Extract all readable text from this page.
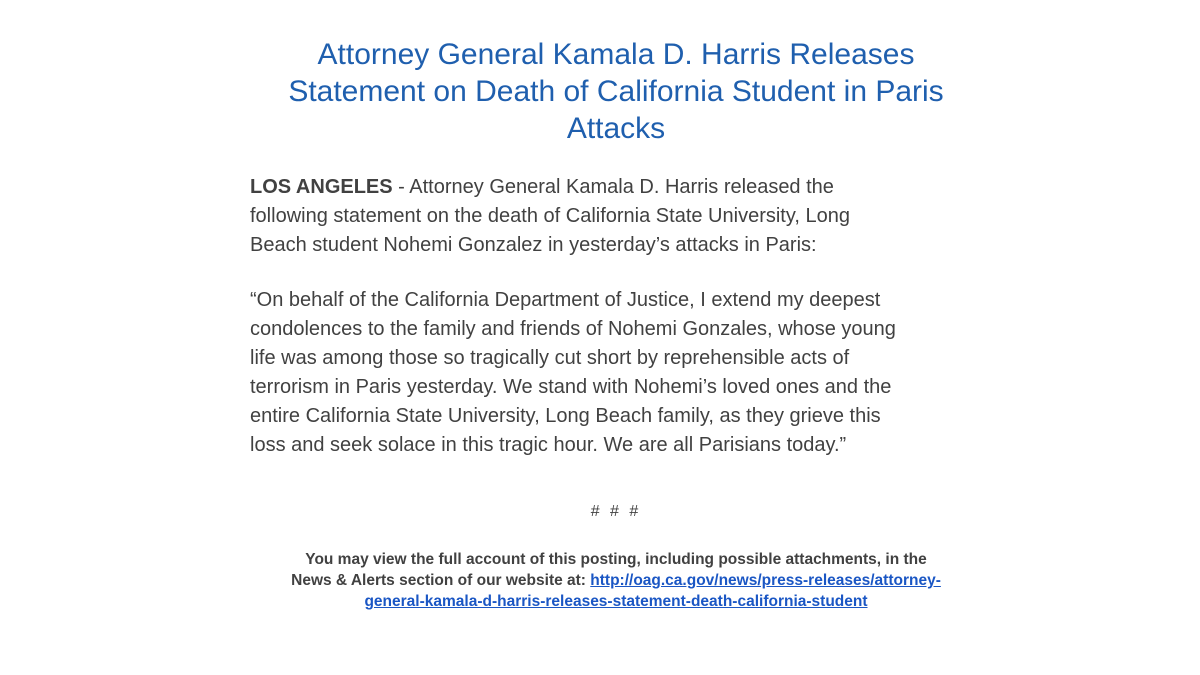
Attorney General Kamala D. Harris Releases
Statement on Death of California Student in Paris
Attacks

LOS ANGELES - Attorney General Kamala D. Harris released the
following statement on the death of California State University, Long
Beach student Nohemi Gonzalez in yesterday’s attacks in Paris:

“On behalf of the California Department of Justice, I extend my deepest
condolences to the family and friends of Nohemi Gonzales, whose young
life was among those so tragically cut short by reprehensible acts of
terrorism in Paris yesterday. We stand with Nohemi’s loved ones and the
entire California State University, Long Beach family, as they grieve this
loss and seek solace in this tragic hour. We are all Parisians today.”

# # #

You may view the full account of this posting, including possible attachments, in the
News & Alerts section of our website at: http://oag.ca.gov/news/press-releases/attorney-
general-kamala-d-harris-releases-statement-death-california-student
